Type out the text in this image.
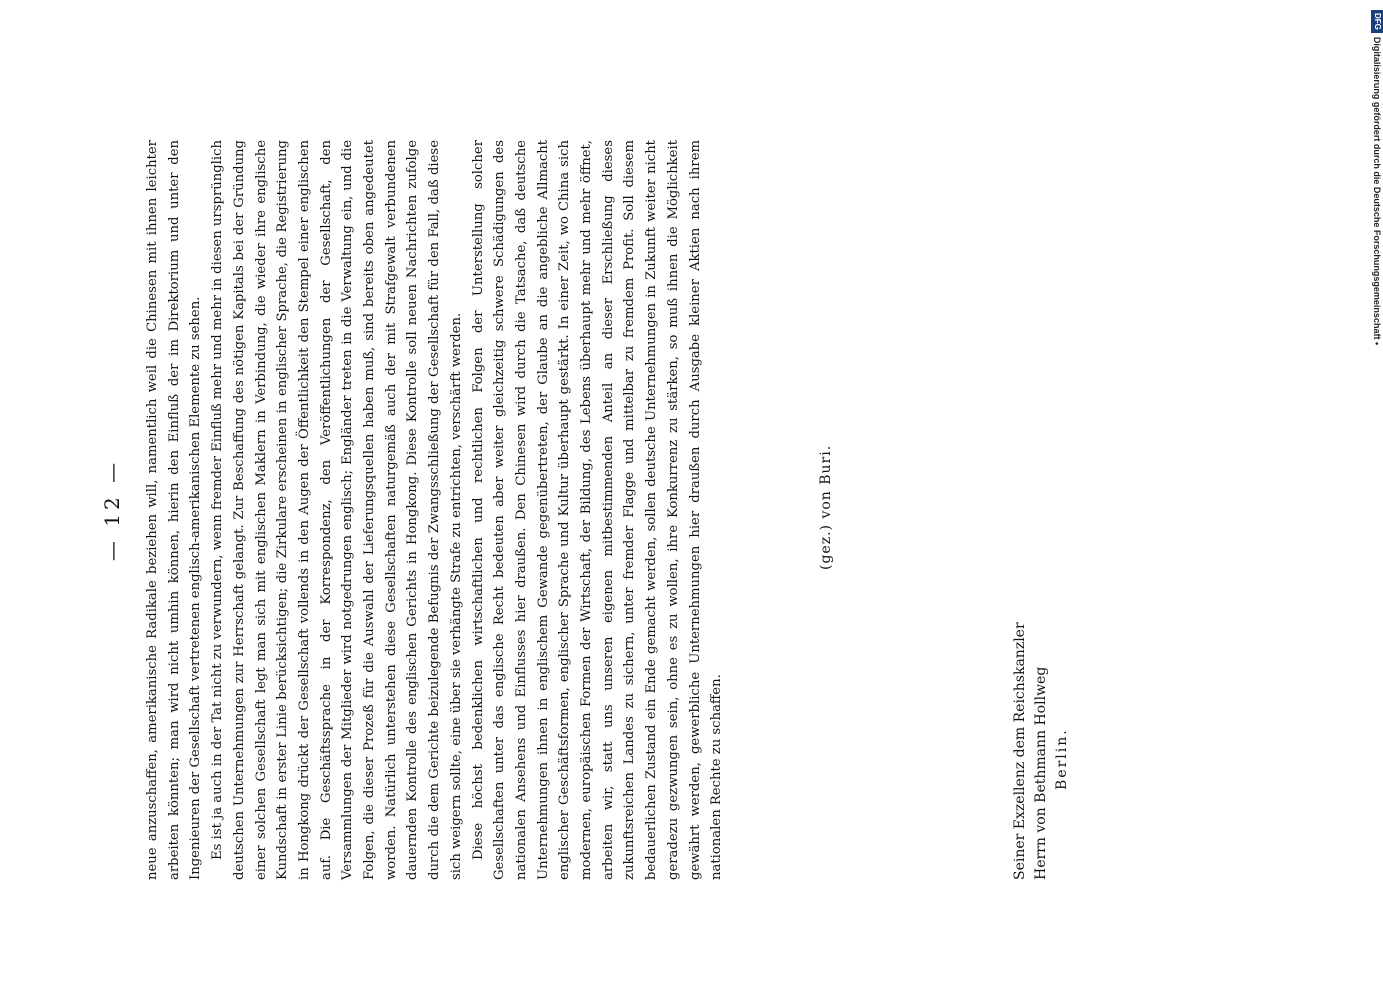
— 12 — neue anzuschaffen, amerikanische Radikale beziehen will, namentlich weil die Chinesen mit ihnen leichter arbeiten könnten; man wird nicht umhin können, hierin den Einfluß der im Direktorium und unter den Ingenieuren der Gesellschaft vertretenen englisch-amerikanischen Elemente zu sehen. Es ist ja auch in der Tat nicht zu verwundern, wenn fremder Einfluß mehr und mehr in diesen ursprünglich deutschen Unternehmungen zur Herrschaft gelangt. Zur Beschaffung des nötigen Kapitals bei der Gründung einer solchen Gesellschaft legt man sich mit englischen Maklern in Verbindung, die wieder ihre englische Kundschaft in erster Linie berücksichtigen; die Zirkulare erscheinen in englischer Sprache, die Registrierung in Hongkong drückt der Gesellschaft vollends in den Augen der Öffentlichkeit den Stempel einer englischen auf. Die Geschäftssprache in der Korrespondenz, den Veröffentlichungen der Gesellschaft, den Versammlungen der Mitglieder wird notgedrungen englisch; Engländer treten in die Verwaltung ein, und die Folgen, die dieser Prozeß für die Auswahl der Lieferungsquellen haben muß, sind bereits oben angedeutet worden. Natürlich unterstehen diese Gesellschaften naturgemäß auch der mit Strafgewalt verbundenen dauernden Kontrolle des englischen Gerichts in Hongkong. Diese Kontrolle soll neuen Nachrichten zufolge durch die dem Gerichte beizulegende Befugnis der Zwangsschließung der Gesellschaft für den Fall, daß diese sich weigern sollte, eine über sie verhängte Strafe zu entrichten, verschärft werden. Diese höchst bedenklichen wirtschaftlichen und rechtlichen Folgen der Unterstellung solcher Gesellschaften unter das englische Recht bedeuten aber weiter gleichzeitig schwere Schädigungen des nationalen Ansehens und Einflusses hier draußen. Den Chinesen wird durch die Tatsache, daß deutsche Unternehmungen ihnen in englischem Gewande gegenübertreten, der Glaube an die angebliche Allmacht englischer Geschäftsformen, englischer Sprache und Kultur überhaupt gestärkt. In einer Zeit, wo China sich modernen, europäischen Formen der Wirtschaft, der Bildung, des Lebens überhaupt mehr und mehr öffnet, arbeiten wir, statt uns unseren eigenen mitbestimmenden Anteil an dieser Erschließung dieses zukunftsreichen Landes zu sichern, unter fremder Flagge und mittelbar zu fremdem Profit. Soll diesem bedauerlichen Zustand ein Ende gemacht werden, sollen deutsche Unternehmungen in Zukunft weiter nicht geradezu gezwungen sein, ohne es zu wollen, ihre Konkurrenz zu stärken, so muß ihnen die Möglichkeit gewährt werden, gewerbliche Unternehmungen hier draußen durch Ausgabe kleiner Aktien nach ihrem nationalen Rechte zu schaffen.

(gez.) von Buri.
Seiner Exzellenz dem Reichskanzler Herrn von Bethmann Hollweg Berlin.
DFG
Digitalisierung gefördert durch die Deutsche Forschungsgemeinschaft •
